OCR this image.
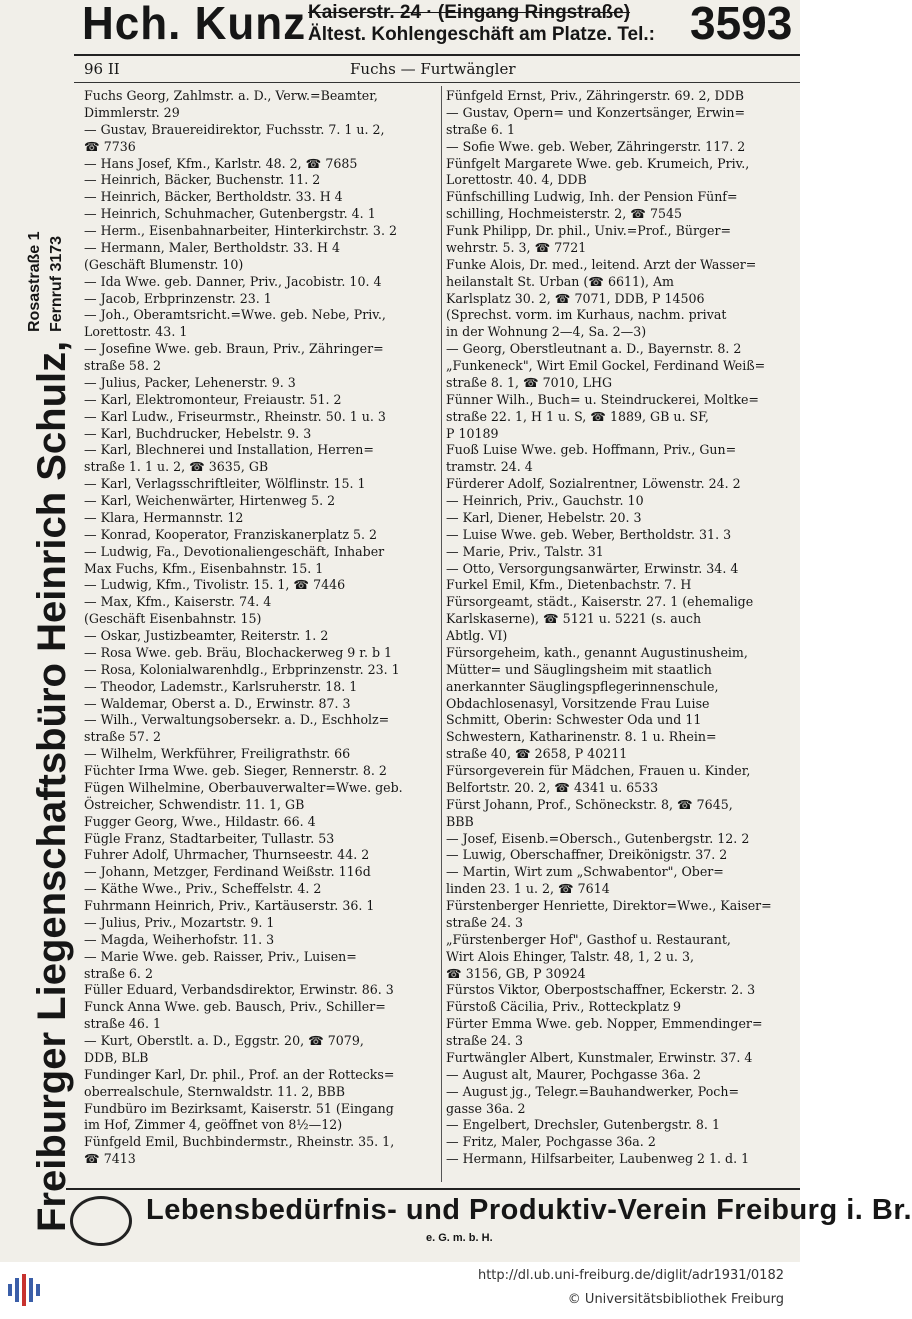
Hch. Kunz Kaiserstr. 24 · (Eingang Ringstraße)
Ältest. Kohlengeschäft am Platze. Tel.: 3593
96 II	Fuchs — Furtwängler
Freiburger Liegenschaftsbüro Heinrich Schulz,
Rosastraße 1 Fernruf 3173
Fuchs Georg, Zahlmstr. a. D., Verw.=Beamter,
Dimmlerstr. 29
— Gustav, Brauereidirektor, Fuchsstr. 7. 1 u. 2,
☎ 7736
— Hans Josef, Kfm., Karlstr. 48. 2, ☎ 7685
— Heinrich, Bäcker, Buchenstr. 11. 2
— Heinrich, Bäcker, Bertholdstr. 33. H 4
— Heinrich, Schuhmacher, Gutenbergstr. 4. 1
— Herm., Eisenbahnarbeiter, Hinterkirchstr. 3. 2
— Hermann, Maler, Bertholdstr. 33. H 4
(Geschäft Blumenstr. 10)
— Ida Wwe. geb. Danner, Priv., Jacobistr. 10. 4
— Jacob, Erbprinzenstr. 23. 1
— Joh., Oberamtsricht.=Wwe. geb. Nebe, Priv.,
Lorettostr. 43. 1
— Josefine Wwe. geb. Braun, Priv., Zähringer=
straße 58. 2
— Julius, Packer, Lehenerstr. 9. 3
— Karl, Elektromonteur, Freiaustr. 51. 2
— Karl Ludw., Friseurmstr., Rheinstr. 50. 1 u. 3
— Karl, Buchdrucker, Hebelstr. 9. 3
— Karl, Blechnerei und Installation, Herren=
straße 1. 1 u. 2, ☎ 3635, GB
— Karl, Verlagsschriftleiter, Wölflinstr. 15. 1
— Karl, Weichenwärter, Hirtenweg 5. 2
— Klara, Hermannstr. 12
— Konrad, Kooperator, Franziskanerplatz 5. 2
— Ludwig, Fa., Devotionaliengeschäft, Inhaber
Max Fuchs, Kfm., Eisenbahnstr. 15. 1
— Ludwig, Kfm., Tivolistr. 15. 1, ☎ 7446
— Max, Kfm., Kaiserstr. 74. 4
(Geschäft Eisenbahnstr. 15)
— Oskar, Justizbeamter, Reiterstr. 1. 2
— Rosa Wwe. geb. Bräu, Blochackerweg 9 r. b 1
— Rosa, Kolonialwarenhdlg., Erbprinzenstr. 23. 1
— Theodor, Lademstr., Karlsruherstr. 18. 1
— Waldemar, Oberst a. D., Erwinstr. 87. 3
— Wilh., Verwaltungsobersekr. a. D., Eschholz=
straße 57. 2
— Wilhelm, Werkführer, Freiligrathstr. 66
Füchter Irma Wwe. geb. Sieger, Rennerstr. 8. 2
Fügen Wilhelmine, Oberbauverwalter=Wwe. geb.
Östreicher, Schwendistr. 11. 1, GB
Fugger Georg, Wwe., Hildastr. 66. 4
Fügle Franz, Stadtarbeiter, Tullastr. 53
Fuhrer Adolf, Uhrmacher, Thurnseestr. 44. 2
— Johann, Metzger, Ferdinand Weißstr. 116d
— Käthe Wwe., Priv., Scheffelstr. 4. 2
Fuhrmann Heinrich, Priv., Kartäuserstr. 36. 1
— Julius, Priv., Mozartstr. 9. 1
— Magda, Weiherhofstr. 11. 3
— Marie Wwe. geb. Raisser, Priv., Luisen=
straße 6. 2
Füller Eduard, Verbandsdirektor, Erwinstr. 86. 3
Funck Anna Wwe. geb. Bausch, Priv., Schiller=
straße 46. 1
— Kurt, Oberstlt. a. D., Eggstr. 20, ☎ 7079,
DDB, BLB
Fundinger Karl, Dr. phil., Prof. an der Rottecks=
oberrealschule, Sternwaldstr. 11. 2, BBB
Fundbüro im Bezirksamt, Kaiserstr. 51 (Eingang
im Hof, Zimmer 4, geöffnet von 8½—12)
Fünfgeld Emil, Buchbindermstr., Rheinstr. 35. 1,
☎ 7413
Fünfgeld Ernst, Priv., Zähringerstr. 69. 2, DDB
— Gustav, Opern= und Konzertsänger, Erwin=
straße 6. 1
— Sofie Wwe. geb. Weber, Zähringerstr. 117. 2
Fünfgelt Margarete Wwe. geb. Krumeich, Priv.,
Lorettostr. 40. 4, DDB
Fünfschilling Ludwig, Inh. der Pension Fünf=
schilling, Hochmeisterstr. 2, ☎ 7545
Funk Philipp, Dr. phil., Univ.=Prof., Bürger=
wehrstr. 5. 3, ☎ 7721
Funke Alois, Dr. med., leitend. Arzt der Wasser=
heilanstalt St. Urban (☎ 6611), Am
Karlsplatz 30. 2, ☎ 7071, DDB, P 14506
(Sprechst. vorm. im Kurhaus, nachm. privat
in der Wohnung 2—4, Sa. 2—3)
— Georg, Oberstleutnant a. D., Bayernstr. 8. 2
„Funkeneck", Wirt Emil Gockel, Ferdinand Weiß=
straße 8. 1, ☎ 7010, LHG
Fünner Wilh., Buch= u. Steindruckerei, Moltke=
straße 22. 1, H 1 u. S, ☎ 1889, GB u. SF,
P 10189
Fuoß Luise Wwe. geb. Hoffmann, Priv., Gun=
tramstr. 24. 4
Fürderer Adolf, Sozialrentner, Löwenstr. 24. 2
— Heinrich, Priv., Gauchstr. 10
— Karl, Diener, Hebelstr. 20. 3
— Luise Wwe. geb. Weber, Bertholdstr. 31. 3
— Marie, Priv., Talstr. 31
— Otto, Versorgungsanwärter, Erwinstr. 34. 4
Furkel Emil, Kfm., Dietenbachstr. 7. H
Fürsorgeamt, städt., Kaiserstr. 27. 1 (ehemalige
Karlskaserne), ☎ 5121 u. 5221 (s. auch
Abtlg. VI)
Fürsorgeheim, kath., genannt Augustinusheim,
Mütter= und Säuglingsheim mit staatlich
anerkannter Säuglingspflegerinnenschule,
Obdachlosenasyl, Vorsitzende Frau Luise
Schmitt, Oberin: Schwester Oda und 11
Schwestern, Katharinenstr. 8. 1 u. Rhein=
straße 40, ☎ 2658, P 40211
Fürsorgeverein für Mädchen, Frauen u. Kinder,
Belfortstr. 20. 2, ☎ 4341 u. 6533
Fürst Johann, Prof., Schöneckstr. 8, ☎ 7645,
BBB
— Josef, Eisenb.=Obersch., Gutenbergstr. 12. 2
— Luwig, Oberschaffner, Dreikönigstr. 37. 2
— Martin, Wirt zum „Schwabentor", Ober=
linden 23. 1 u. 2, ☎ 7614
Fürstenberger Henriette, Direktor=Wwe., Kaiser=
straße 24. 3
„Fürstenberger Hof", Gasthof u. Restaurant,
Wirt Alois Ehinger, Talstr. 48, 1, 2 u. 3,
☎ 3156, GB, P 30924
Fürstos Viktor, Oberpostschaffner, Eckerstr. 2. 3
Fürstoß Cäcilia, Priv., Rotteckplatz 9
Fürter Emma Wwe. geb. Nopper, Emmendinger=
straße 24. 3
Furtwängler Albert, Kunstmaler, Erwinstr. 37. 4
— August alt, Maurer, Pochgasse 36a. 2
— August jg., Telegr.=Bauhandwerker, Poch=
gasse 36a. 2
— Engelbert, Drechsler, Gutenbergstr. 8. 1
— Fritz, Maler, Pochgasse 36a. 2
— Hermann, Hilfsarbeiter, Laubenweg 2 1. d. 1
Lebensbedürfnis- und Produktiv-Verein Freiburg i. Br.
e. G. m. b. H.
http://dl.ub.uni-freiburg.de/diglit/adr1931/0182
© Universitätsbibliothek Freiburg
